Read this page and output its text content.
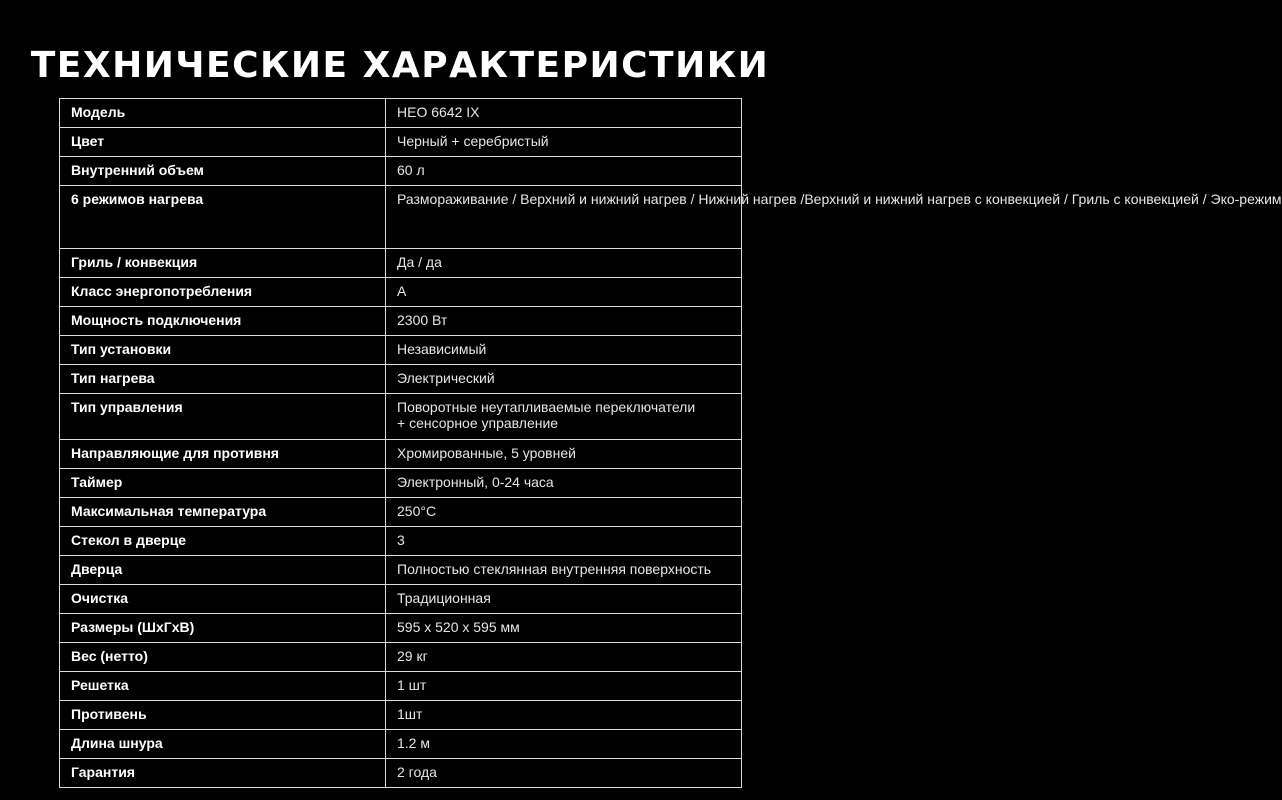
ТЕХНИЧЕСКИЕ ХАРАКТЕРИСТИКИ
Модель	HEO 6642 IX
Цвет	Черный + серебристый
Внутренний объем	60 л
6 режимов нагрева	Размораживание / Верхний и нижний нагрев / Нижний нагрев /Верхний и нижний нагрев с конвекцией / Гриль с конвекцией / Эко-режим
Гриль / конвекция	Да / да
Класс энергопотребления	A
Мощность подключения	2300 Вт
Тип установки	Независимый
Тип нагрева	Электрический
Тип управления	Поворотные неутапливаемые переключатели
+ сенсорное управление
Направляющие для противня	Хромированные, 5 уровней
Таймер	Электронный, 0-24 часа
Максимальная температура	250°C
Стекол в дверце	3
Дверца	Полностью стеклянная внутренняя поверхность
Очистка	Традиционная
Размеры (ШxГxВ)	595 x 520 x 595 мм
Вес (нетто)	29 кг
Решетка	1 шт
Противень	1шт
Длина шнура	1.2 м
Гарантия	2 года
